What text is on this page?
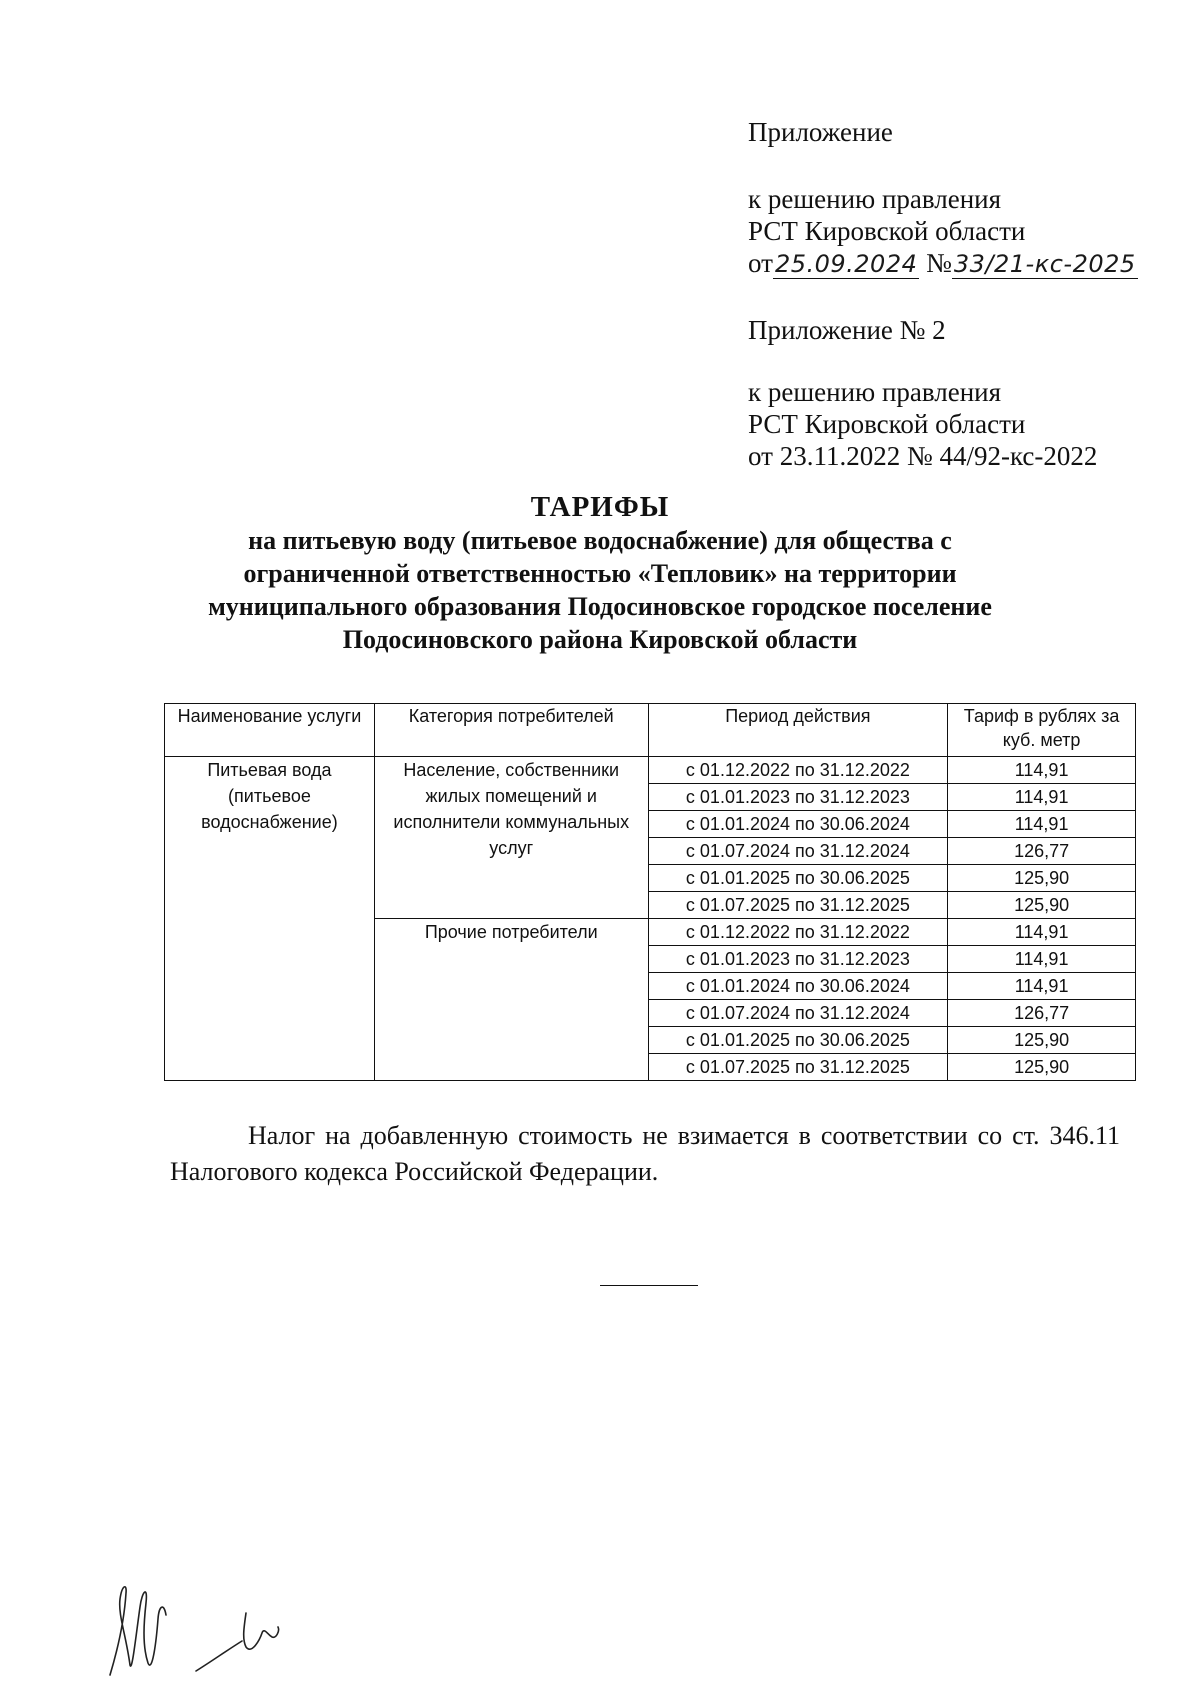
Приложение
к решению правления
РСТ Кировской области
от25.09.2024 №33/21-кс-2025
Приложение № 2
к решению правления
РСТ Кировской области
от 23.11.2022 № 44/92-кс-2022
ТАРИФЫ
на питьевую воду (питьевое водоснабжение) для общества с
ограниченной ответственностью «Тепловик» на территории
муниципального образования Подосиновское городское поселение
Подосиновского района Кировской области
Наименование услуги	Категория потребителей	Период действия	Тариф в рублях за куб. метр
Питьевая вода (питьевое водоснабжение)	Население, собственники жилых помещений и исполнители коммунальных услуг	с 01.12.2022 по 31.12.2022	114,91
		с 01.01.2023 по 31.12.2023	114,91
		с 01.01.2024 по 30.06.2024	114,91
		с 01.07.2024 по 31.12.2024	126,77
		с 01.01.2025 по 30.06.2025	125,90
		с 01.07.2025 по 31.12.2025	125,90
	Прочие потребители	с 01.12.2022 по 31.12.2022	114,91
		с 01.01.2023 по 31.12.2023	114,91
		с 01.01.2024 по 30.06.2024	114,91
		с 01.07.2024 по 31.12.2024	126,77
		с 01.01.2025 по 30.06.2025	125,90
		с 01.07.2025 по 31.12.2025	125,90

Налог на добавленную стоимость не взимается в соответствии со ст. 346.11 Налогового кодекса Российской Федерации.
